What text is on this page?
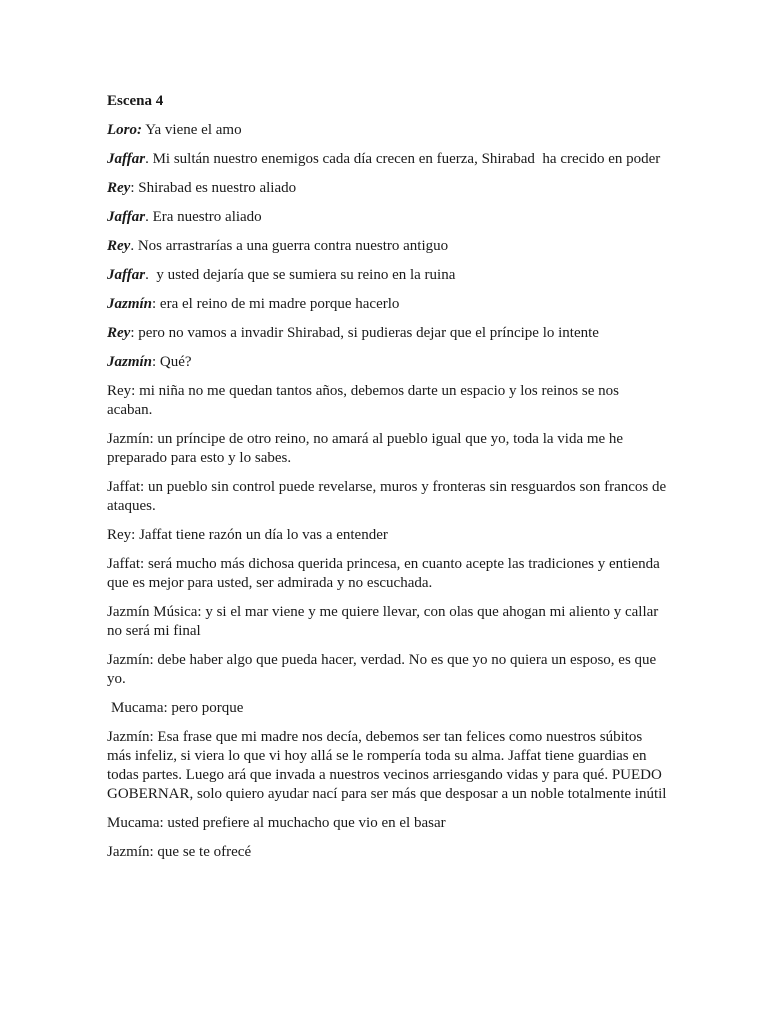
Escena 4

Loro: Ya viene el amo

Jaffar. Mi sultán nuestro enemigos cada día crecen en fuerza, Shirabad  ha crecido en poder

Rey: Shirabad es nuestro aliado

Jaffar. Era nuestro aliado

Rey. Nos arrastrarías a una guerra contra nuestro antiguo

Jaffar.  y usted dejaría que se sumiera su reino en la ruina

Jazmín: era el reino de mi madre porque hacerlo

Rey: pero no vamos a invadir Shirabad, si pudieras dejar que el príncipe lo intente

Jazmín: Qué?

Rey: mi niña no me quedan tantos años, debemos darte un espacio y los reinos se nos acaban.

Jazmín: un príncipe de otro reino, no amará al pueblo igual que yo, toda la vida me he preparado para esto y lo sabes.

Jaffat: un pueblo sin control puede revelarse, muros y fronteras sin resguardos son francos de ataques.

Rey: Jaffat tiene razón un día lo vas a entender

Jaffat: será mucho más dichosa querida princesa, en cuanto acepte las tradiciones y entienda que es mejor para usted, ser admirada y no escuchada.

Jazmín Música: y si el mar viene y me quiere llevar, con olas que ahogan mi aliento y callar no será mi final

Jazmín: debe haber algo que pueda hacer, verdad. No es que yo no quiera un esposo, es que yo.

Mucama: pero porque

Jazmín: Esa frase que mi madre nos decía, debemos ser tan felices como nuestros súbitos más infeliz, si viera lo que vi hoy allá se le rompería toda su alma. Jaffat tiene guardias en todas partes. Luego ará que invada a nuestros vecinos arriesgando vidas y para qué. PUEDO GOBERNAR, solo quiero ayudar nací para ser más que desposar a un noble totalmente inútil

Mucama: usted prefiere al muchacho que vio en el basar

Jazmín: que se te ofrecé
